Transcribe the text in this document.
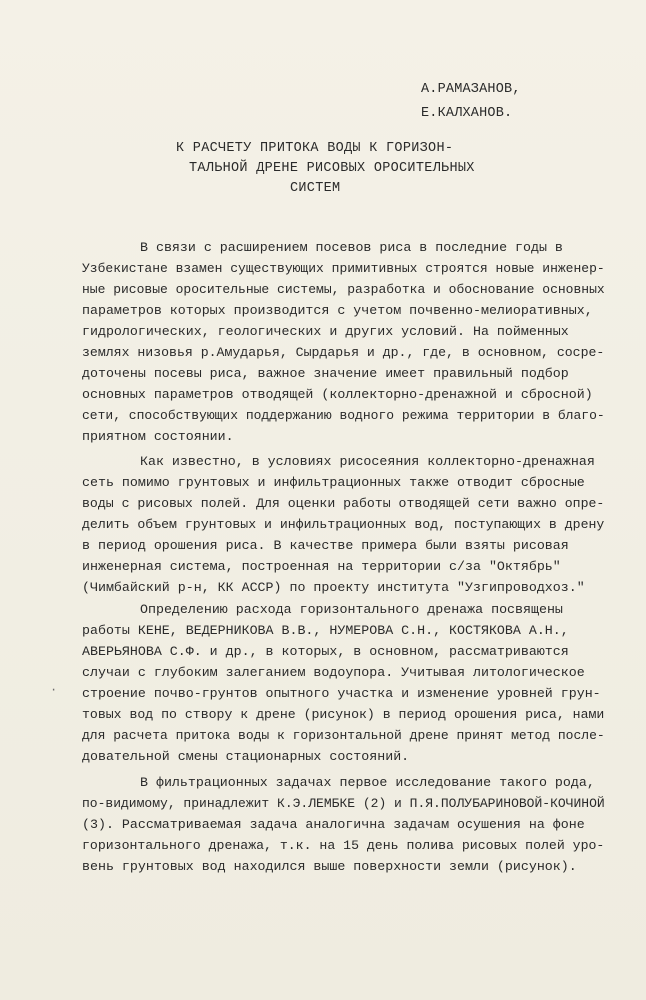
А.РАМАЗАНОВ,
Е.КАЛХАНОВ.
К РАСЧЕТУ ПРИТОКА ВОДЫ К ГОРИЗОН-
ТАЛЬНОЙ ДРЕНЕ РИСОВЫХ ОРОСИТЕЛЬНЫХ
СИСТЕМ
В связи с расширением посевов риса в последние годы в
Узбекистане взамен существующих примитивных строятся новые инженер-
ные рисовые оросительные системы, разработка и обоснование основных
параметров которых производится с учетом почвенно-мелиоративных,
гидрологических, геологических и других условий. На пойменных
землях низовья р.Амударья, Сырдарья и др., где, в основном, сосре-
доточены посевы риса, важное значение имеет правильный подбор
основных параметров отводящей (коллекторно-дренажной и сбросной)
сети, способствующих поддержанию водного режима территории в благо-
приятном состоянии.
Как известно, в условиях рисосеяния коллекторно-дренажная
сеть помимо грунтовых и инфильтрационных также отводит сбросные
воды с рисовых полей. Для оценки работы отводящей сети важно опре-
делить объем грунтовых и инфильтрационных вод, поступающих в дрену
в период орошения риса. В качестве примера были взяты рисовая
инженерная система, построенная на территории с/за "Октябрь"
(Чимбайский р-н, КК АССР) по проекту института "Узгипроводхоз."
Определению расхода горизонтального дренажа посвящены
работы КЕНЕ, ВЕДЕРНИКОВА В.В., НУМЕРОВА С.Н., КОСТЯКОВА А.Н.,
АВЕРЬЯНОВА С.Ф. и др., в которых, в основном, рассматриваются
случаи с глубоким залеганием водоупора. Учитывая литологическое
строение почво-грунтов опытного участка и изменение уровней грун-
товых вод по створу к дрене (рисунок) в период орошения риса, нами
для расчета притока воды к горизонтальной дрене принят метод после-
довательной смены стационарных состояний.
В фильтрационных задачах первое исследование такого рода,
по-видимому, принадлежит К.Э.ЛЕМБКЕ (2) и П.Я.ПОЛУБАРИНОВОЙ-КОЧИНОЙ
(3). Рассматриваемая задача аналогична задачам осушения на фоне
горизонтального дренажа, т.к. на 15 день полива рисовых полей уро-
вень грунтовых вод находился выше поверхности земли (рисунок).
·
